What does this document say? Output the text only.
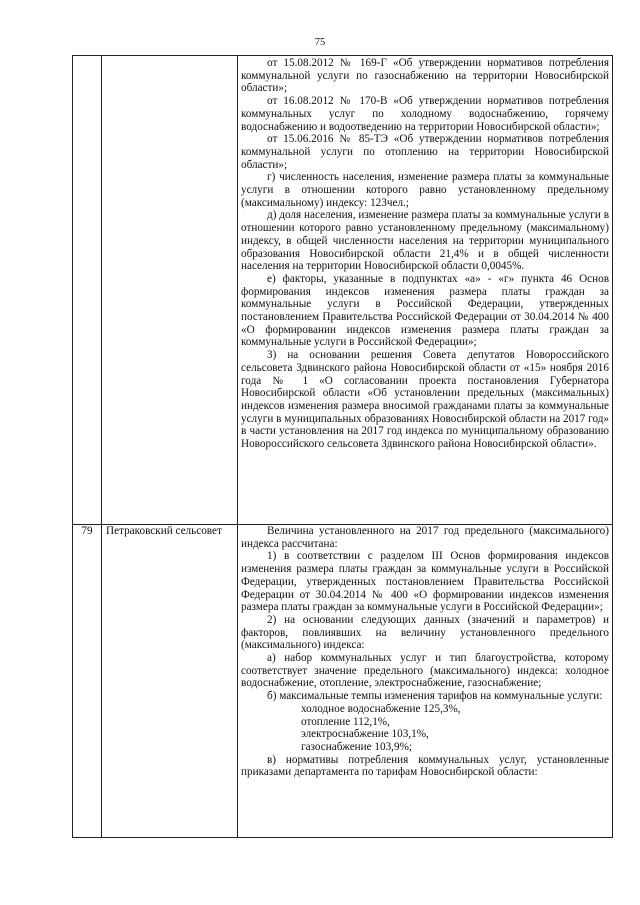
75

от 15.08.2012 № 169-Г «Об утверждении нормативов потребления коммунальной услуги по газоснабжению на территории Новосибирской области»;

от 16.08.2012 № 170-В «Об утверждении нормативов потребления коммунальных услуг по холодному водоснабжению, горячему водоснабжению и водоотведению на территории Новосибирской области»;

от 15.06.2016 № 85-ТЭ «Об утверждении нормативов потребления коммунальной услуги по отоплению на территории Новосибирской области»;

г) численность населения, изменение размера платы за коммунальные услуги в отношении которого равно установленному предельному (максимальному) индексу: 123чел.;

д) доля населения, изменение размера платы за коммунальные услуги в отношении которого равно установленному предельному (максимальному) индексу, в общей численности населения на территории муниципального образования Новосибирской области 21,4% и в общей численности населения на территории Новосибирской области 0,0045%.

е) факторы, указанные в подпунктах «а» - «г» пункта 46 Основ формирования индексов изменения размера платы граждан за коммунальные услуги в Российской Федерации, утвержденных постановлением Правительства Российской Федерации от 30.04.2014 № 400 «О формировании индексов изменения размера платы граждан за коммунальные услуги в Российской Федерации»;

3) на основании решения Совета депутатов Новороссийского сельсовета Здвинского района Новосибирской области от «15» ноября 2016 года № 1 «О согласовании проекта постановления Губернатора Новосибирской области «Об установлении предельных (максимальных) индексов изменения размера вносимой гражданами платы за коммунальные услуги в муниципальных образованиях Новосибирской области на 2017 год» в части установления на 2017 год индекса по муниципальному образованию Новороссийского сельсовета Здвинского района Новосибирской области».

79	Петраковский сельсовет	Величина установленного на 2017 год предельного (максимального) индекса рассчитана:

1) в соответствии с разделом III Основ формирования индексов изменения размера платы граждан за коммунальные услуги в Российской Федерации, утвержденных постановлением Правительства Российской Федерации от 30.04.2014 № 400 «О формировании индексов изменения размера платы граждан за коммунальные услуги в Российской Федерации»;

2) на основании следующих данных (значений и параметров) и факторов, повлиявших на величину установленного предельного (максимального) индекса:

а) набор коммунальных услуг и тип благоустройства, которому соответствует значение предельного (максимального) индекса: холодное водоснабжение, отопление, электроснабжение, газоснабжение;

б) максимальные темпы изменения тарифов на коммунальные услуги:

холодное водоснабжение 125,3%,

отопление 112,1%,

электроснабжение 103,1%,

газоснабжение 103,9%;

в) нормативы потребления коммунальных услуг, установленные приказами департамента по тарифам Новосибирской области:
